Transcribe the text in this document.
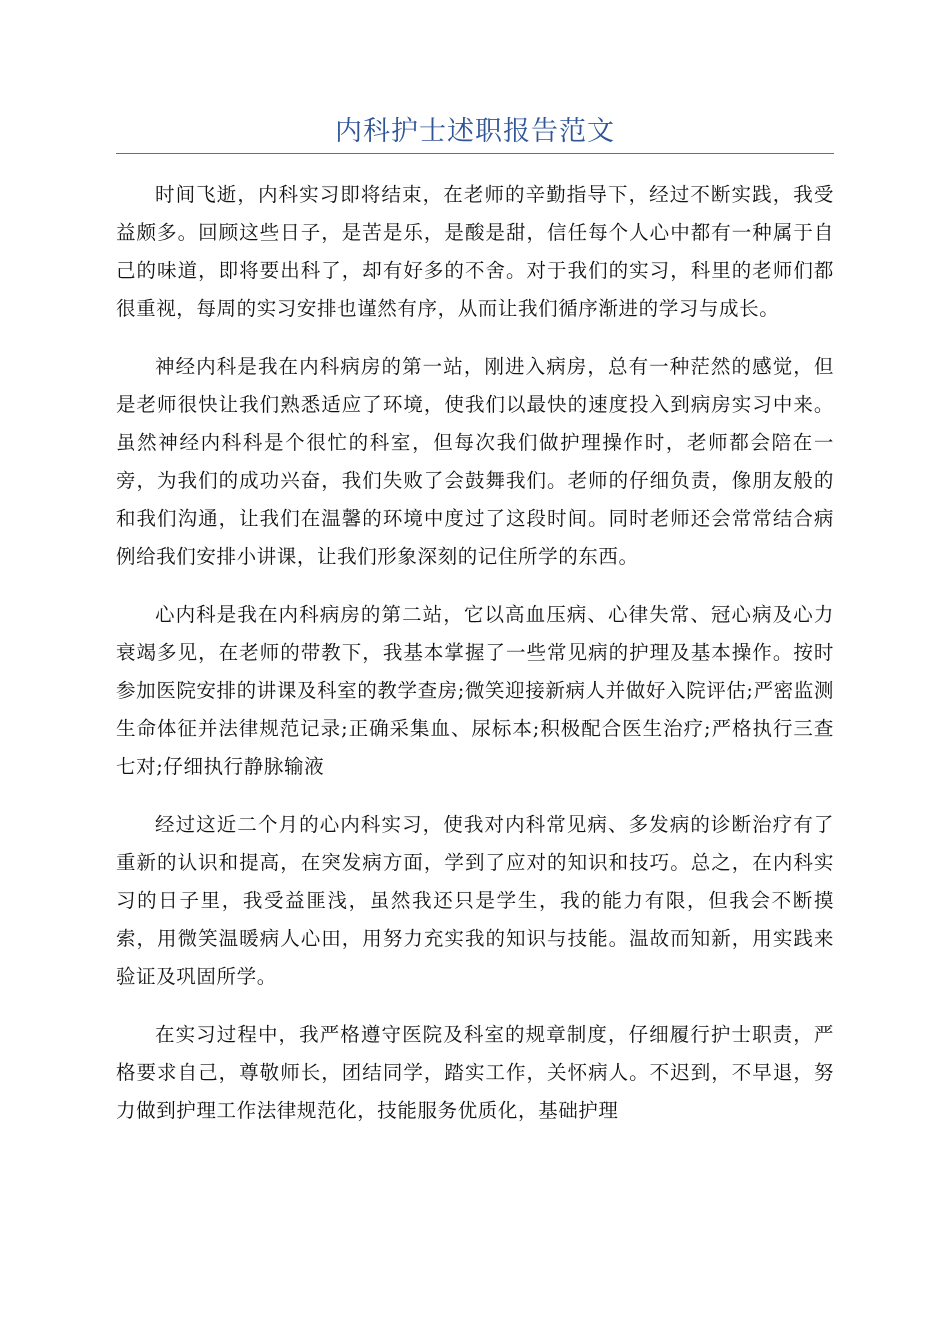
内科护士述职报告范文

时间飞逝，内科实习即将结束，在老师的辛勤指导下，经过不断实践，我受益颇多。回顾这些日子，是苦是乐，是酸是甜，信任每个人心中都有一种属于自己的味道，即将要出科了，却有好多的不舍。对于我们的实习，科里的老师们都很重视，每周的实习安排也谨然有序，从而让我们循序渐进的学习与成长。

神经内科是我在内科病房的第一站，刚进入病房，总有一种茫然的感觉，但是老师很快让我们熟悉适应了环境，使我们以最快的速度投入到病房实习中来。虽然神经内科科是个很忙的科室，但每次我们做护理操作时，老师都会陪在一旁，为我们的成功兴奋，我们失败了会鼓舞我们。老师的仔细负责，像朋友般的和我们沟通，让我们在温馨的环境中度过了这段时间。同时老师还会常常结合病例给我们安排小讲课，让我们形象深刻的记住所学的东西。

心内科是我在内科病房的第二站，它以高血压病、心律失常、冠心病及心力衰竭多见，在老师的带教下，我基本掌握了一些常见病的护理及基本操作。按时参加医院安排的讲课及科室的教学查房;微笑迎接新病人并做好入院评估;严密监测生命体征并法律规范记录;正确采集血、尿标本;积极配合医生治疗;严格执行三查七对;仔细执行静脉输液

经过这近二个月的心内科实习，使我对内科常见病、多发病的诊断治疗有了重新的认识和提高，在突发病方面，学到了应对的知识和技巧。总之，在内科实习的日子里，我受益匪浅，虽然我还只是学生，我的能力有限，但我会不断摸索，用微笑温暖病人心田，用努力充实我的知识与技能。温故而知新，用实践来验证及巩固所学。

在实习过程中，我严格遵守医院及科室的规章制度，仔细履行护士职责，严格要求自己，尊敬师长，团结同学，踏实工作，关怀病人。不迟到，不早退，努力做到护理工作法律规范化，技能服务优质化，基础护理
